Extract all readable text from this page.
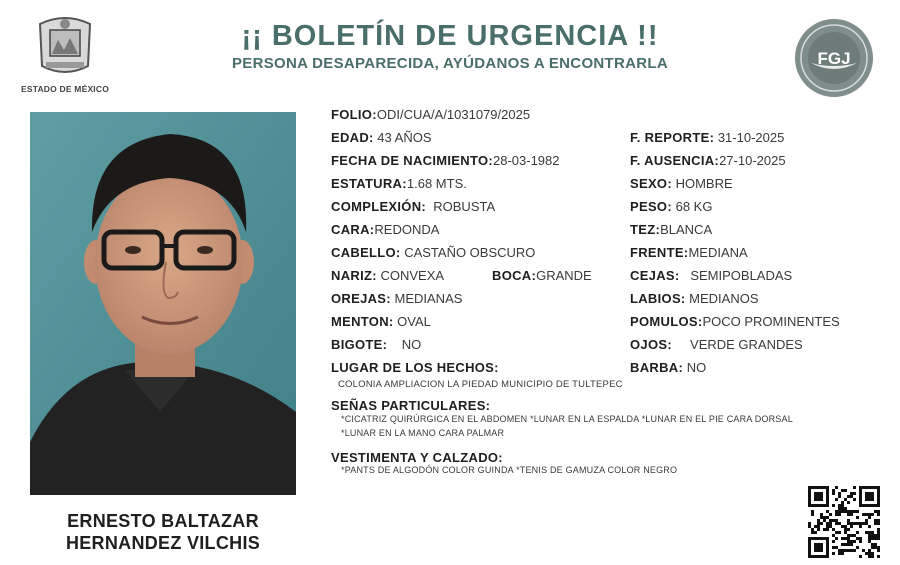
ESTADO DE MÉXICO
¡¡ BOLETÍN DE URGENCIA !!
PERSONA DESAPARECIDA, AYÚDANOS A ENCONTRARLA	FGJ
ERNESTO BALTAZAR
HERNANDEZ VILCHIS
FOLIO:ODI/CUA/A/1031079/2025
EDAD: 43 AÑOS
FECHA DE NACIMIENTO:28-03-1982
ESTATURA:1.68 MTS.
COMPLEXIÓN: ROBUSTA
CARA:REDONDA
CABELLO: CASTAÑO OBSCURO
NARIZ: CONVEXA	BOCA:GRANDE
OREJAS: MEDIANAS
MENTON: OVAL
BIGOTE: NO
F. REPORTE: 31-10-2025
F. AUSENCIA:27-10-2025
SEXO: HOMBRE
PESO: 68 KG
TEZ:BLANCA
FRENTE:MEDIANA
CEJAS: SEMIPOBLADAS
LABIOS: MEDIANOS
POMULOS:POCO PROMINENTES
OJOS: VERDE GRANDES
BARBA: NO
LUGAR DE LOS HECHOS:
COLONIA AMPLIACION LA PIEDAD MUNICIPIO DE TULTEPEC
SEÑAS PARTICULARES:
*CICATRIZ QUIRÚRGICA EN EL ABDOMEN *LUNAR EN LA ESPALDA *LUNAR EN EL PIE CARA DORSAL
*LUNAR EN LA MANO CARA PALMAR
VESTIMENTA Y CALZADO:
*PANTS DE ALGODÓN COLOR GUINDA *TENIS DE GAMUZA COLOR NEGRO
